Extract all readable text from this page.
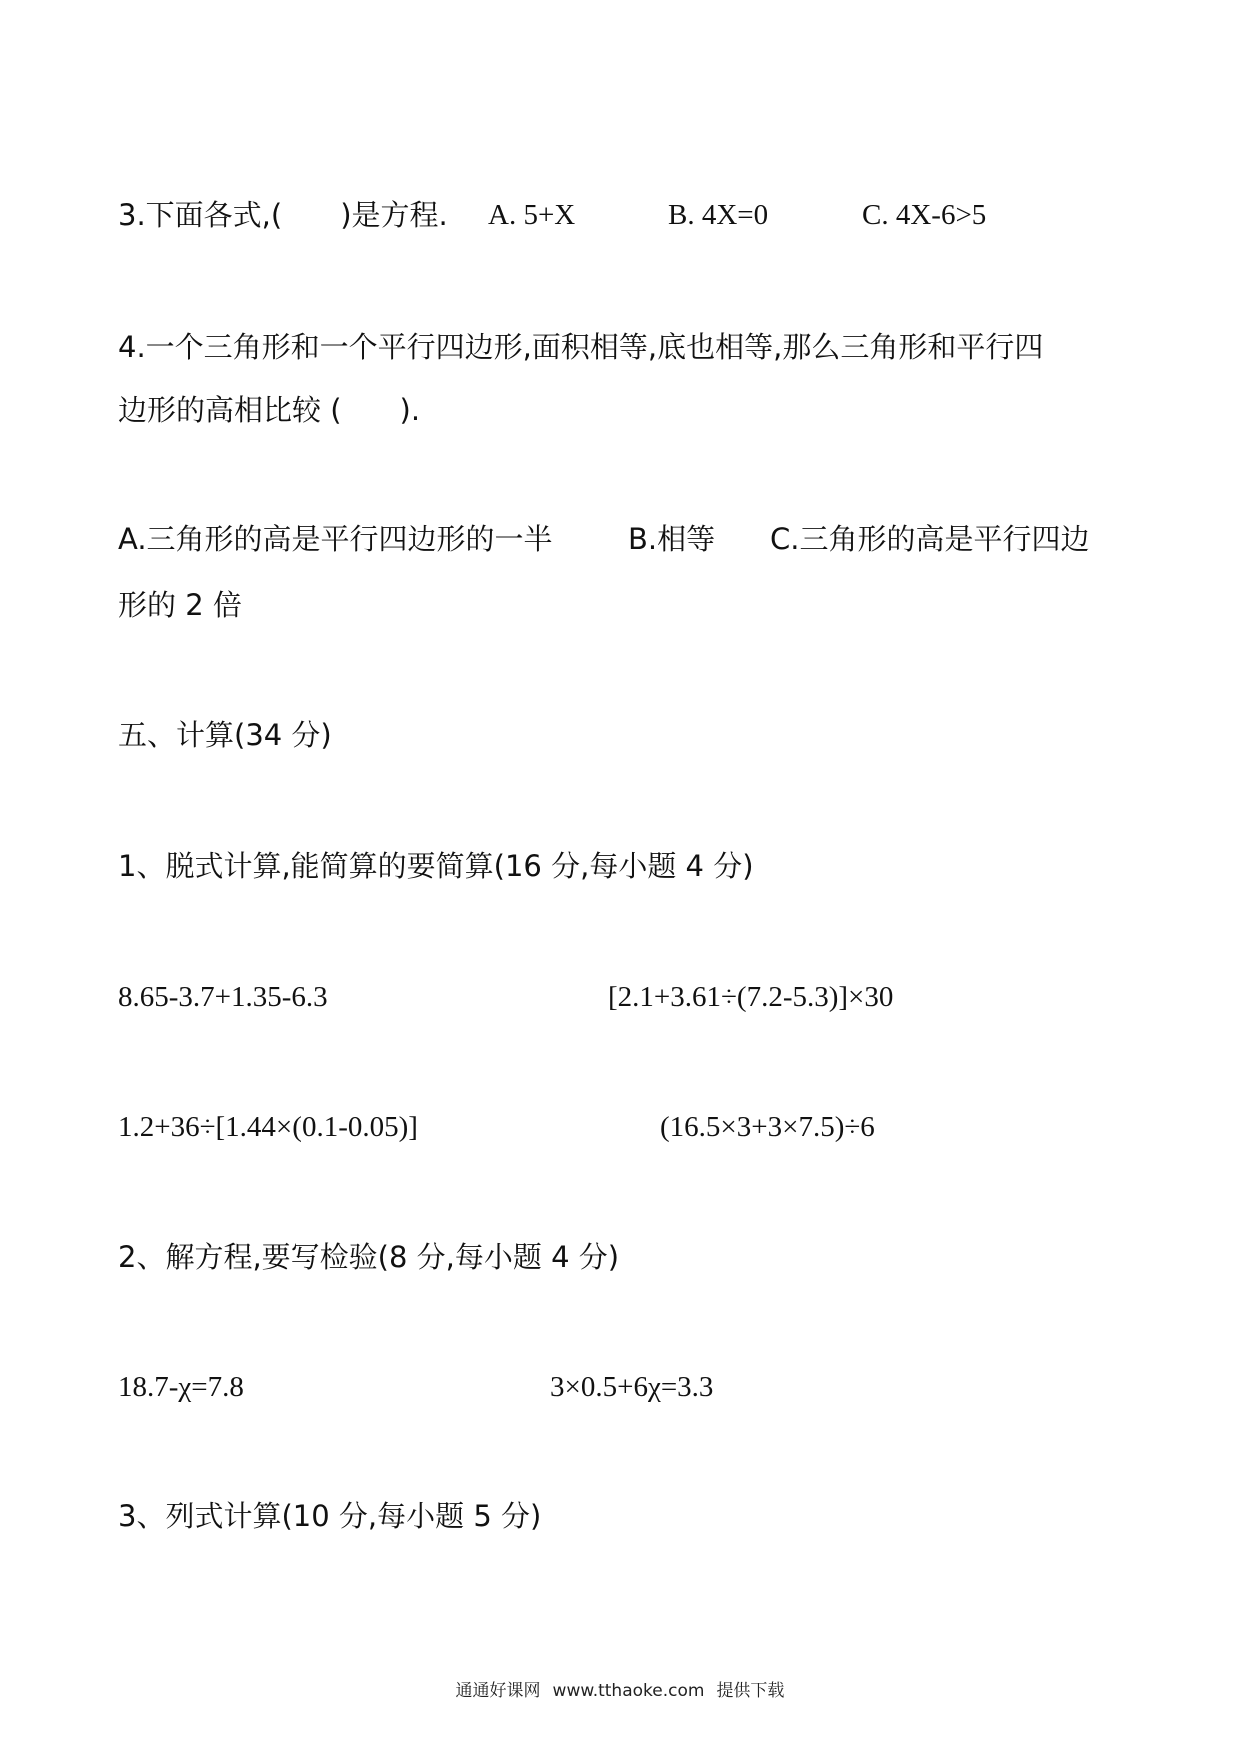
3.下面各式,(　　)是方程. A. 5+X	B. 4X=0	C. 4X-6>5
4.一个三角形和一个平行四边形,面积相等,底也相等,那么三角形和平行四
边形的高相比较 (　　).
A.三角形的高是平行四边形的一半	B.相等 C.三角形的高是平行四边
形的 2 倍
五、计算(34 分)
1、脱式计算,能简算的要简算(16 分,每小题 4 分)
8.65-3.7+1.35-6.3	[2.1+3.61÷(7.2-5.3)]×30
1.2+36÷[1.44×(0.1-0.05)]	(16.5×3+3×7.5)÷6
2、解方程,要写检验(8 分,每小题 4 分)
18.7-χ=7.8	3×0.5+6χ=3.3
3、列式计算(10 分,每小题 5 分)
通通好课网 www.tthaoke.com 提供下载
